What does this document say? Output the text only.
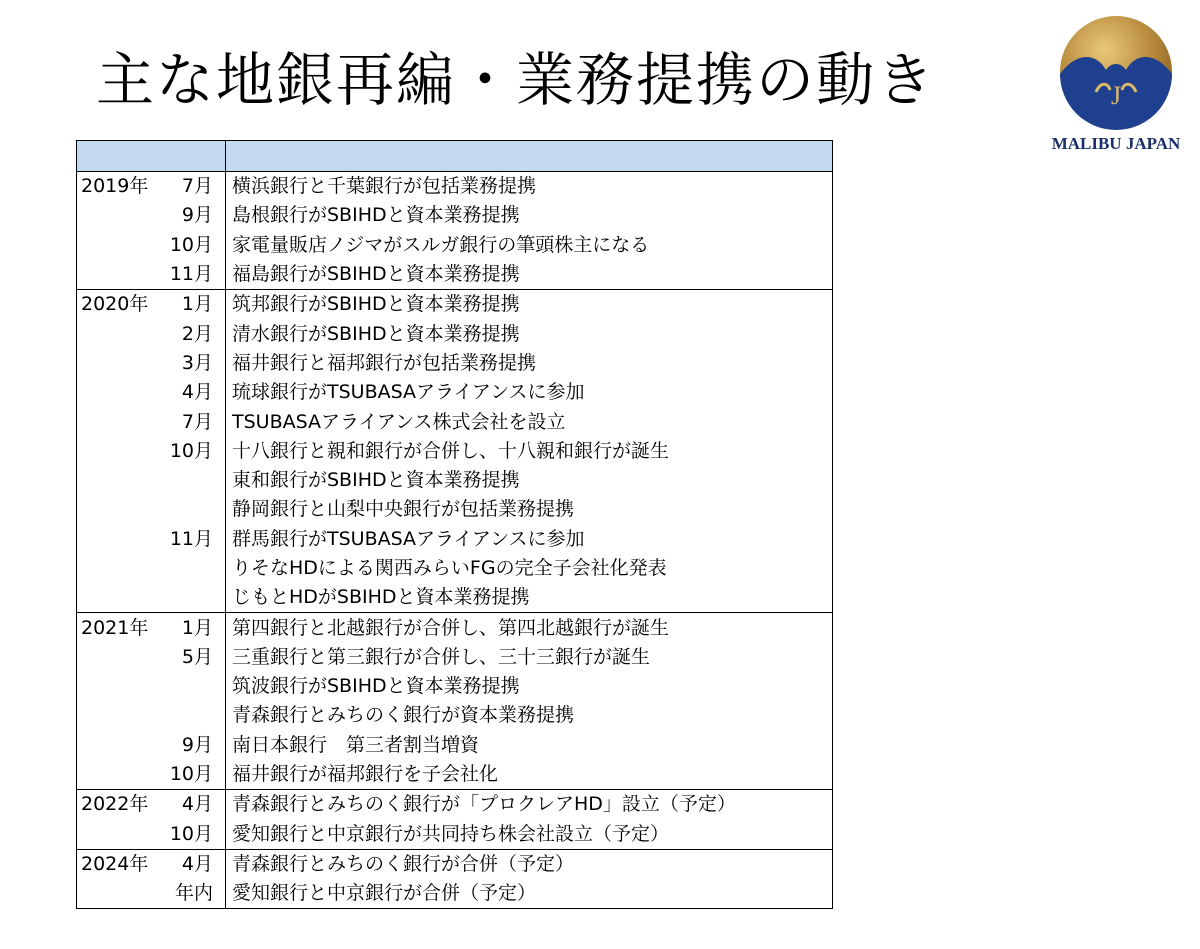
主な地銀再編・業務提携の動き	J
MALIBU JAPAN

2019年 7月	横浜銀行と千葉銀行が包括業務提携
9月	島根銀行がSBIHDと資本業務提携
10月	家電量販店ノジマがスルガ銀行の筆頭株主になる
11月	福島銀行がSBIHDと資本業務提携
2020年 1月	筑邦銀行がSBIHDと資本業務提携
2月	清水銀行がSBIHDと資本業務提携
3月	福井銀行と福邦銀行が包括業務提携
4月	琉球銀行がTSUBASAアライアンスに参加
7月	TSUBASAアライアンス株式会社を設立
10月	十八銀行と親和銀行が合併し、十八親和銀行が誕生
	東和銀行がSBIHDと資本業務提携
	静岡銀行と山梨中央銀行が包括業務提携
11月	群馬銀行がTSUBASAアライアンスに参加
	りそなHDによる関西みらいFGの完全子会社化発表
	じもとHDがSBIHDと資本業務提携
2021年 1月	第四銀行と北越銀行が合併し、第四北越銀行が誕生
5月	三重銀行と第三銀行が合併し、三十三銀行が誕生
	筑波銀行がSBIHDと資本業務提携
	青森銀行とみちのく銀行が資本業務提携
9月	南日本銀行　第三者割当増資
10月	福井銀行が福邦銀行を子会社化
2022年 4月	青森銀行とみちのく銀行が「プロクレアHD」設立（予定）
10月	愛知銀行と中京銀行が共同持ち株会社設立（予定）
2024年 4月	青森銀行とみちのく銀行が合併（予定）
年内	愛知銀行と中京銀行が合併（予定）
